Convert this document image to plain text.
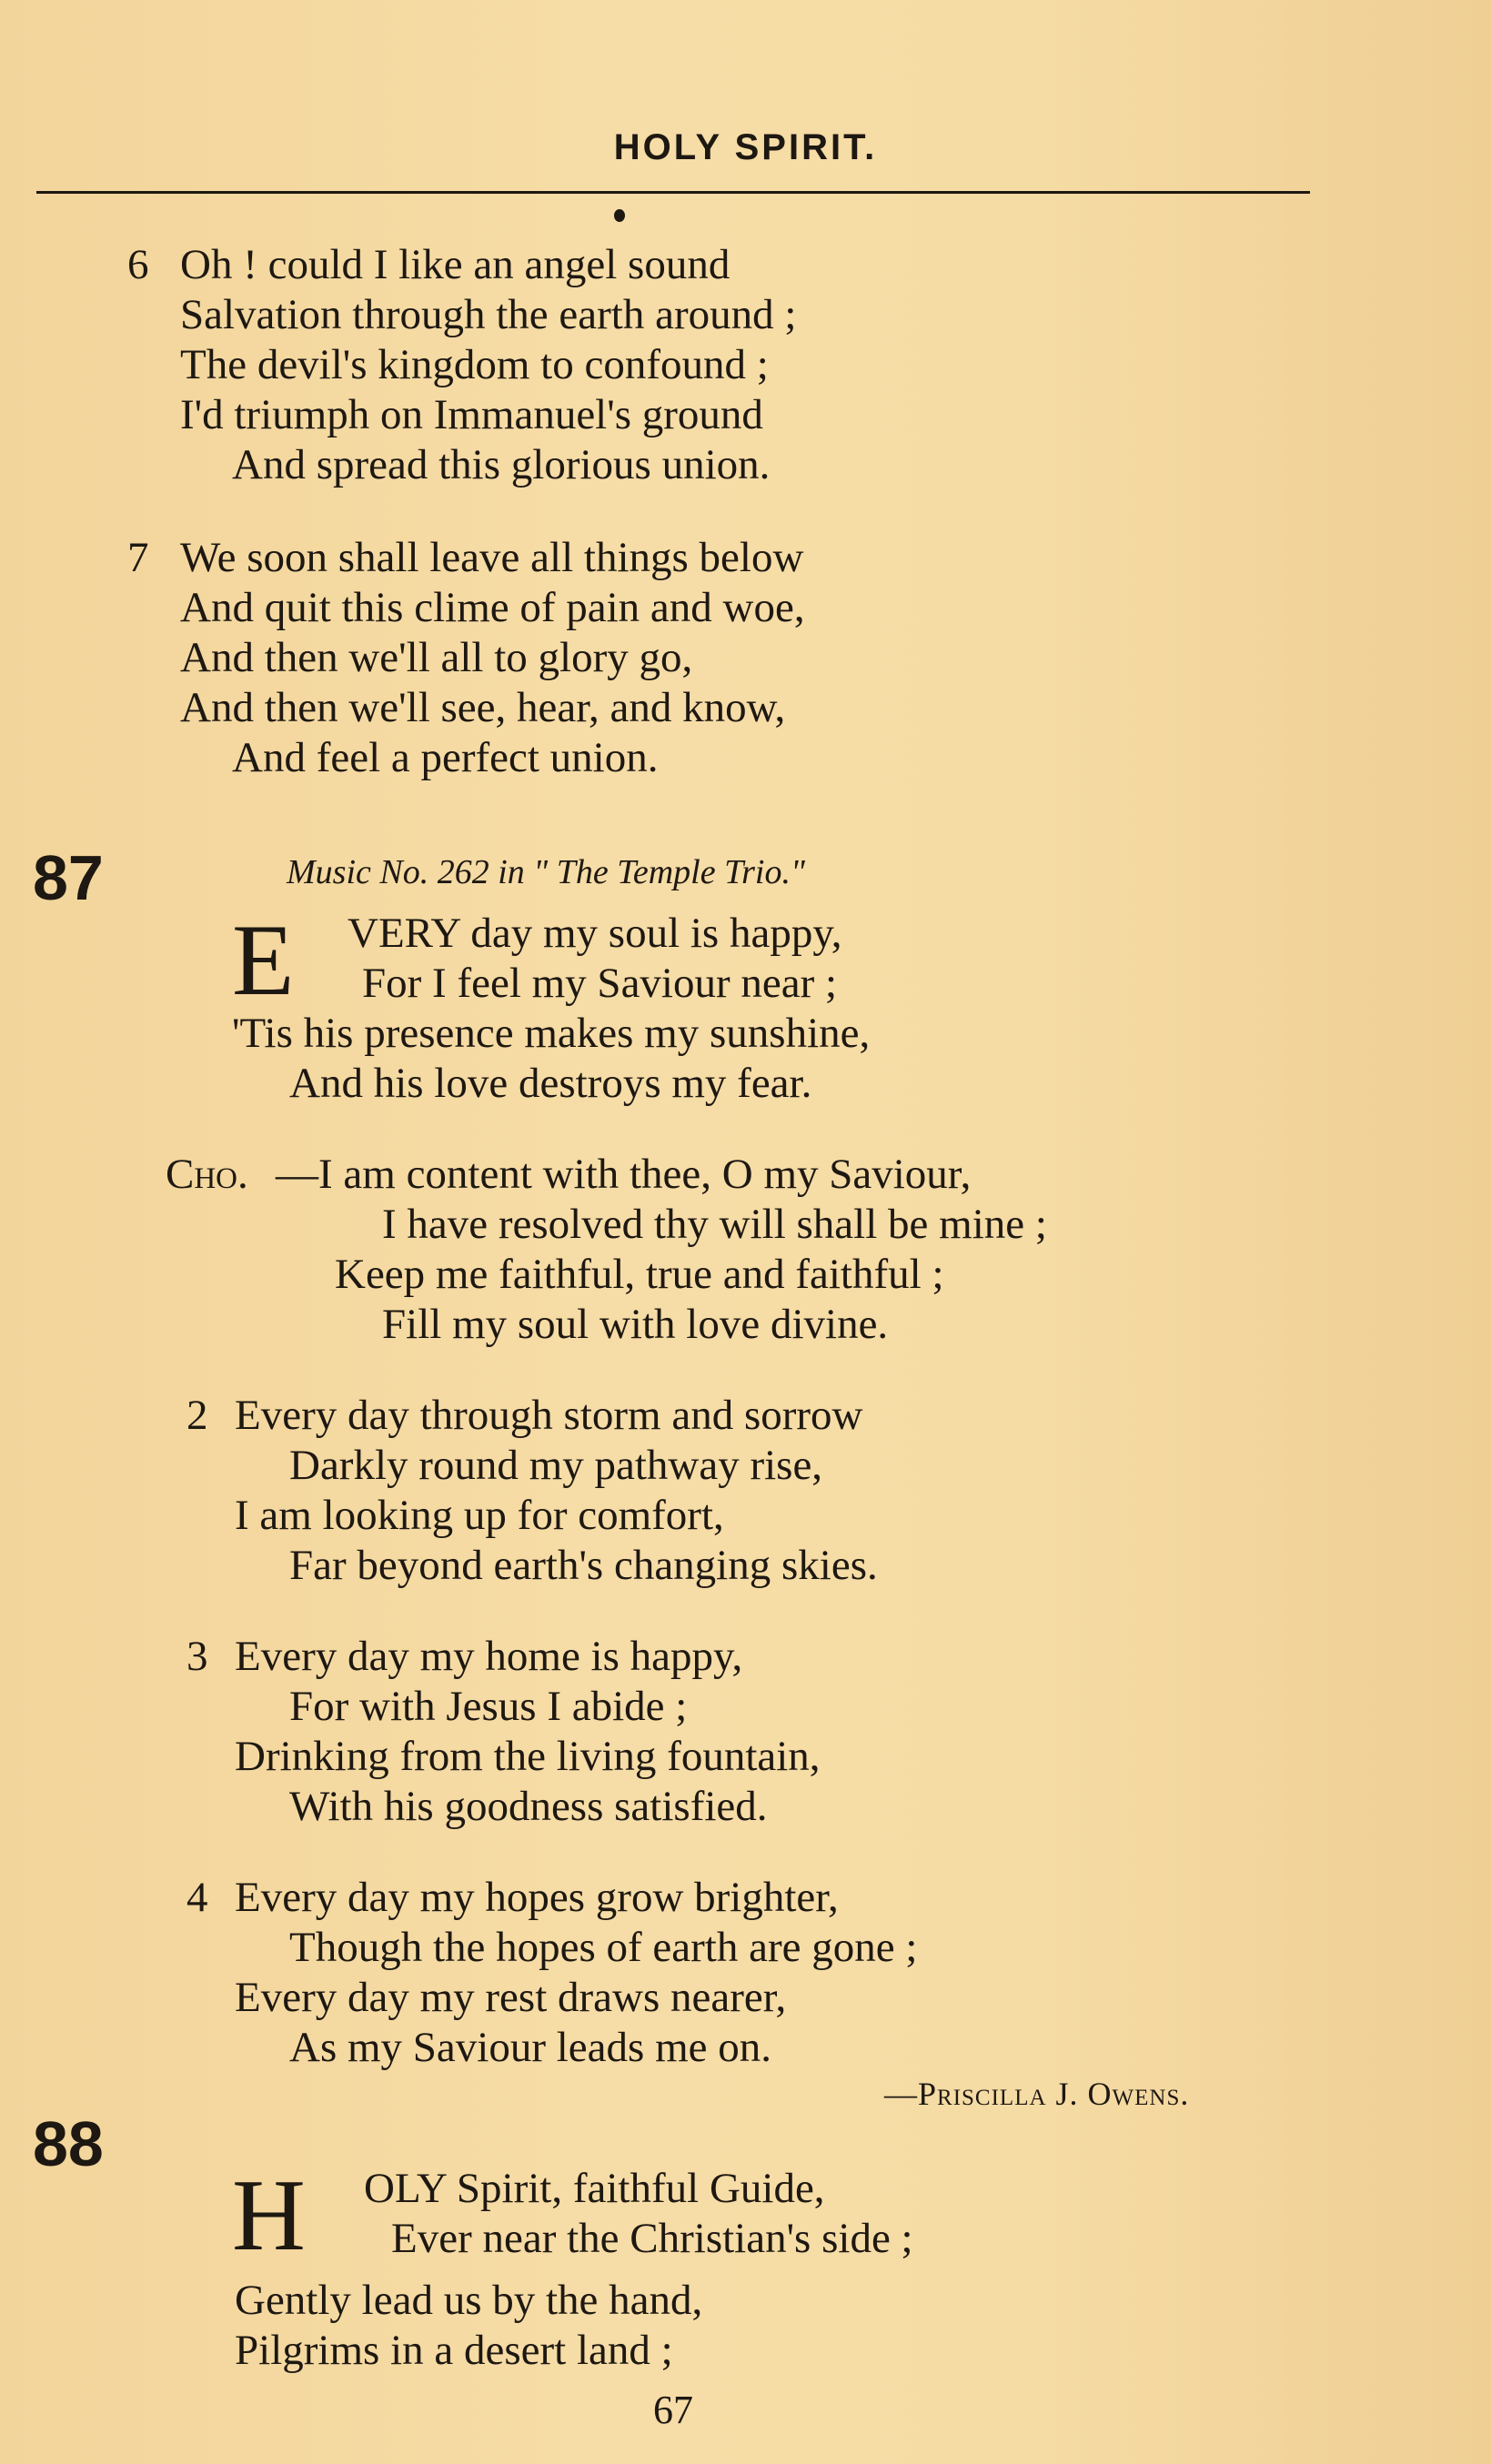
HOLY SPIRIT.
6 Oh ! could I like an angel sound
Salvation through the earth around ;
The devil's kingdom to confound ;
I'd triumph on Immanuel's ground
And spread this glorious union.
7 We soon shall leave all things below
And quit this clime of pain and woe,
And then we'll all to glory go,
And then we'll see, hear, and know,
And feel a perfect union.
87	Music No. 262 in " The Temple Trio."
E VERY day my soul is happy,
For I feel my Saviour near ;
'Tis his presence makes my sunshine,
And his love destroys my fear.
Cho. —I am content with thee, O my Saviour,
I have resolved thy will shall be mine ;
Keep me faithful, true and faithful ;
Fill my soul with love divine.
2 Every day through storm and sorrow
Darkly round my pathway rise,
I am looking up for comfort,
Far beyond earth's changing skies.
3 Every day my home is happy,
For with Jesus I abide ;
Drinking from the living fountain,
With his goodness satisfied.
4 Every day my hopes grow brighter,
Though the hopes of earth are gone ;
Every day my rest draws nearer,
As my Saviour leads me on.
—Priscilla J. Owens.
88
H OLY Spirit, faithful Guide,
Ever near the Christian's side ;
Gently lead us by the hand,
Pilgrims in a desert land ;
67
